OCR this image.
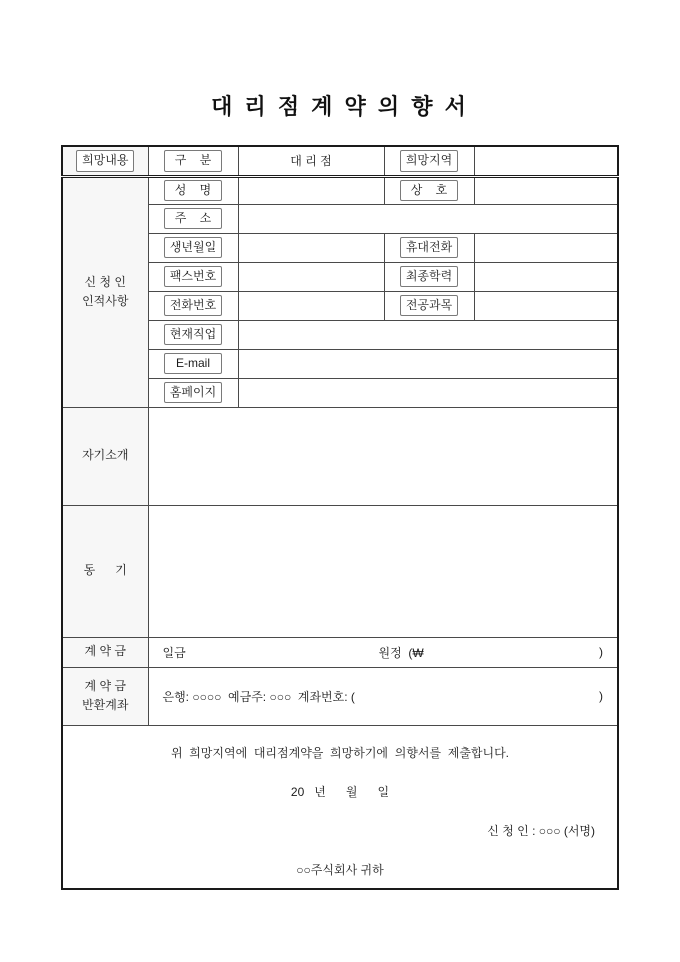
대 리 점 계 약 의 향 서
희망내용	구    분	대 리 점	희망지역	

신 청 인
인적사항	성    명		상    호	
	주    소			
	생년월일		휴대전화	
	팩스번호		최종학력	
	전화번호		전공과목	
	현재직업			
	E-mail			
	홈페이지			
자기소개				
동      기				
계 약 금	일금 원정  (₩ )			

계 약 금
반환계좌

은행: ○○○○  예금주: ○○○  계좌번호: (	)

위  희망지역에  대리점계약을  희망하기에  의향서를  제출합니다.
20   년      월      일
신 청 인 : ○○○ (서명)
○○주식회사 귀하				
